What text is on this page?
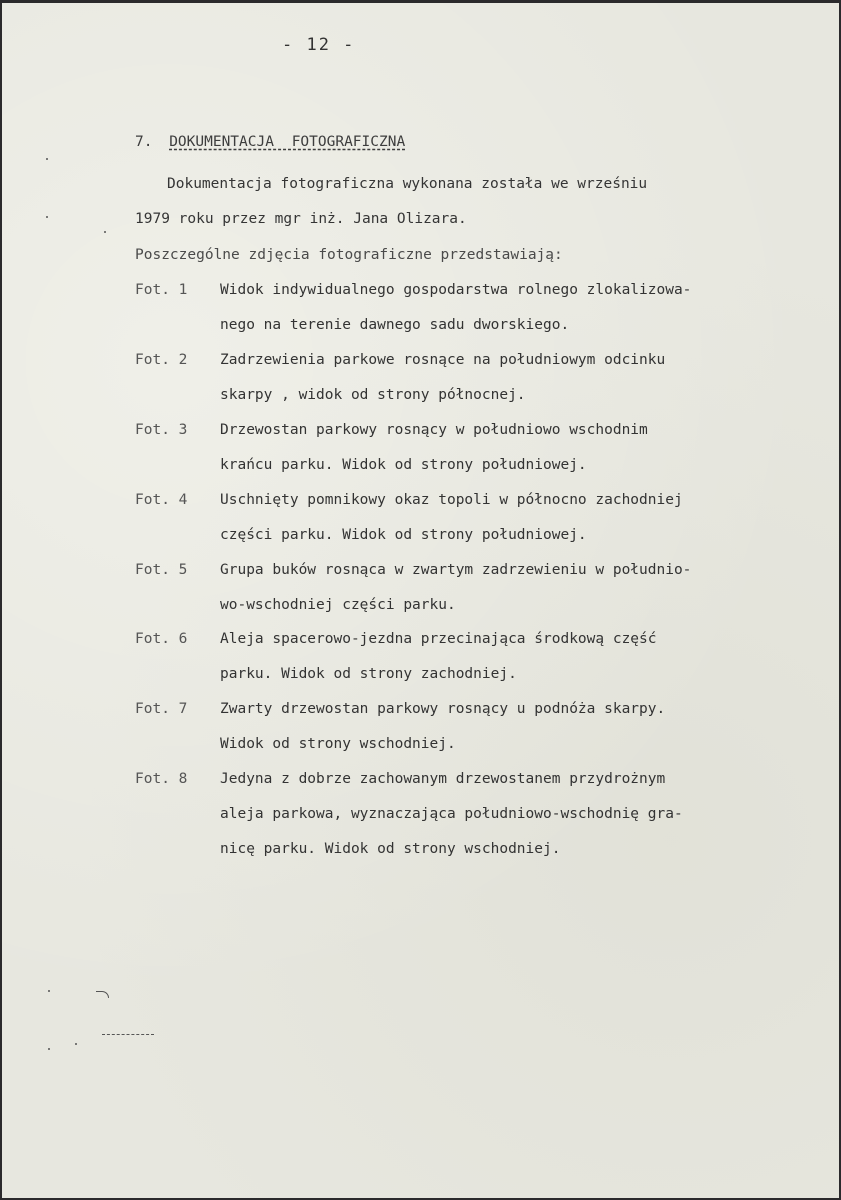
- 12 -
7. DOKUMENTACJA FOTOGRAFICZNA
Dokumentacja fotograficzna wykonana została we wrześniu
1979 roku przez mgr inż. Jana Olizara.
Poszczególne zdjęcia fotograficzne przedstawiają:
Fot. 1 Widok indywidualnego gospodarstwa rolnego zlokalizowa-
nego na terenie dawnego sadu dworskiego.
Fot. 2 Zadrzewienia parkowe rosnące na południowym odcinku
skarpy , widok od strony północnej.
Fot. 3 Drzewostan parkowy rosnący w południowo wschodnim
krańcu parku. Widok od strony południowej.
Fot. 4 Uschnięty pomnikowy okaz topoli w północno zachodniej
części parku. Widok od strony południowej.
Fot. 5 Grupa buków rosnąca w zwartym zadrzewieniu w południo-
wo-wschodniej części parku.
Fot. 6 Aleja spacerowo-jezdna przecinająca środkową część
parku. Widok od strony zachodniej.
Fot. 7 Zwarty drzewostan parkowy rosnący u podnóża skarpy.
Widok od strony wschodniej.
Fot. 8 Jedyna z dobrze zachowanym drzewostanem przydrożnym
aleja parkowa, wyznaczająca południowo-wschodnię gra-
nicę parku. Widok od strony wschodniej.
